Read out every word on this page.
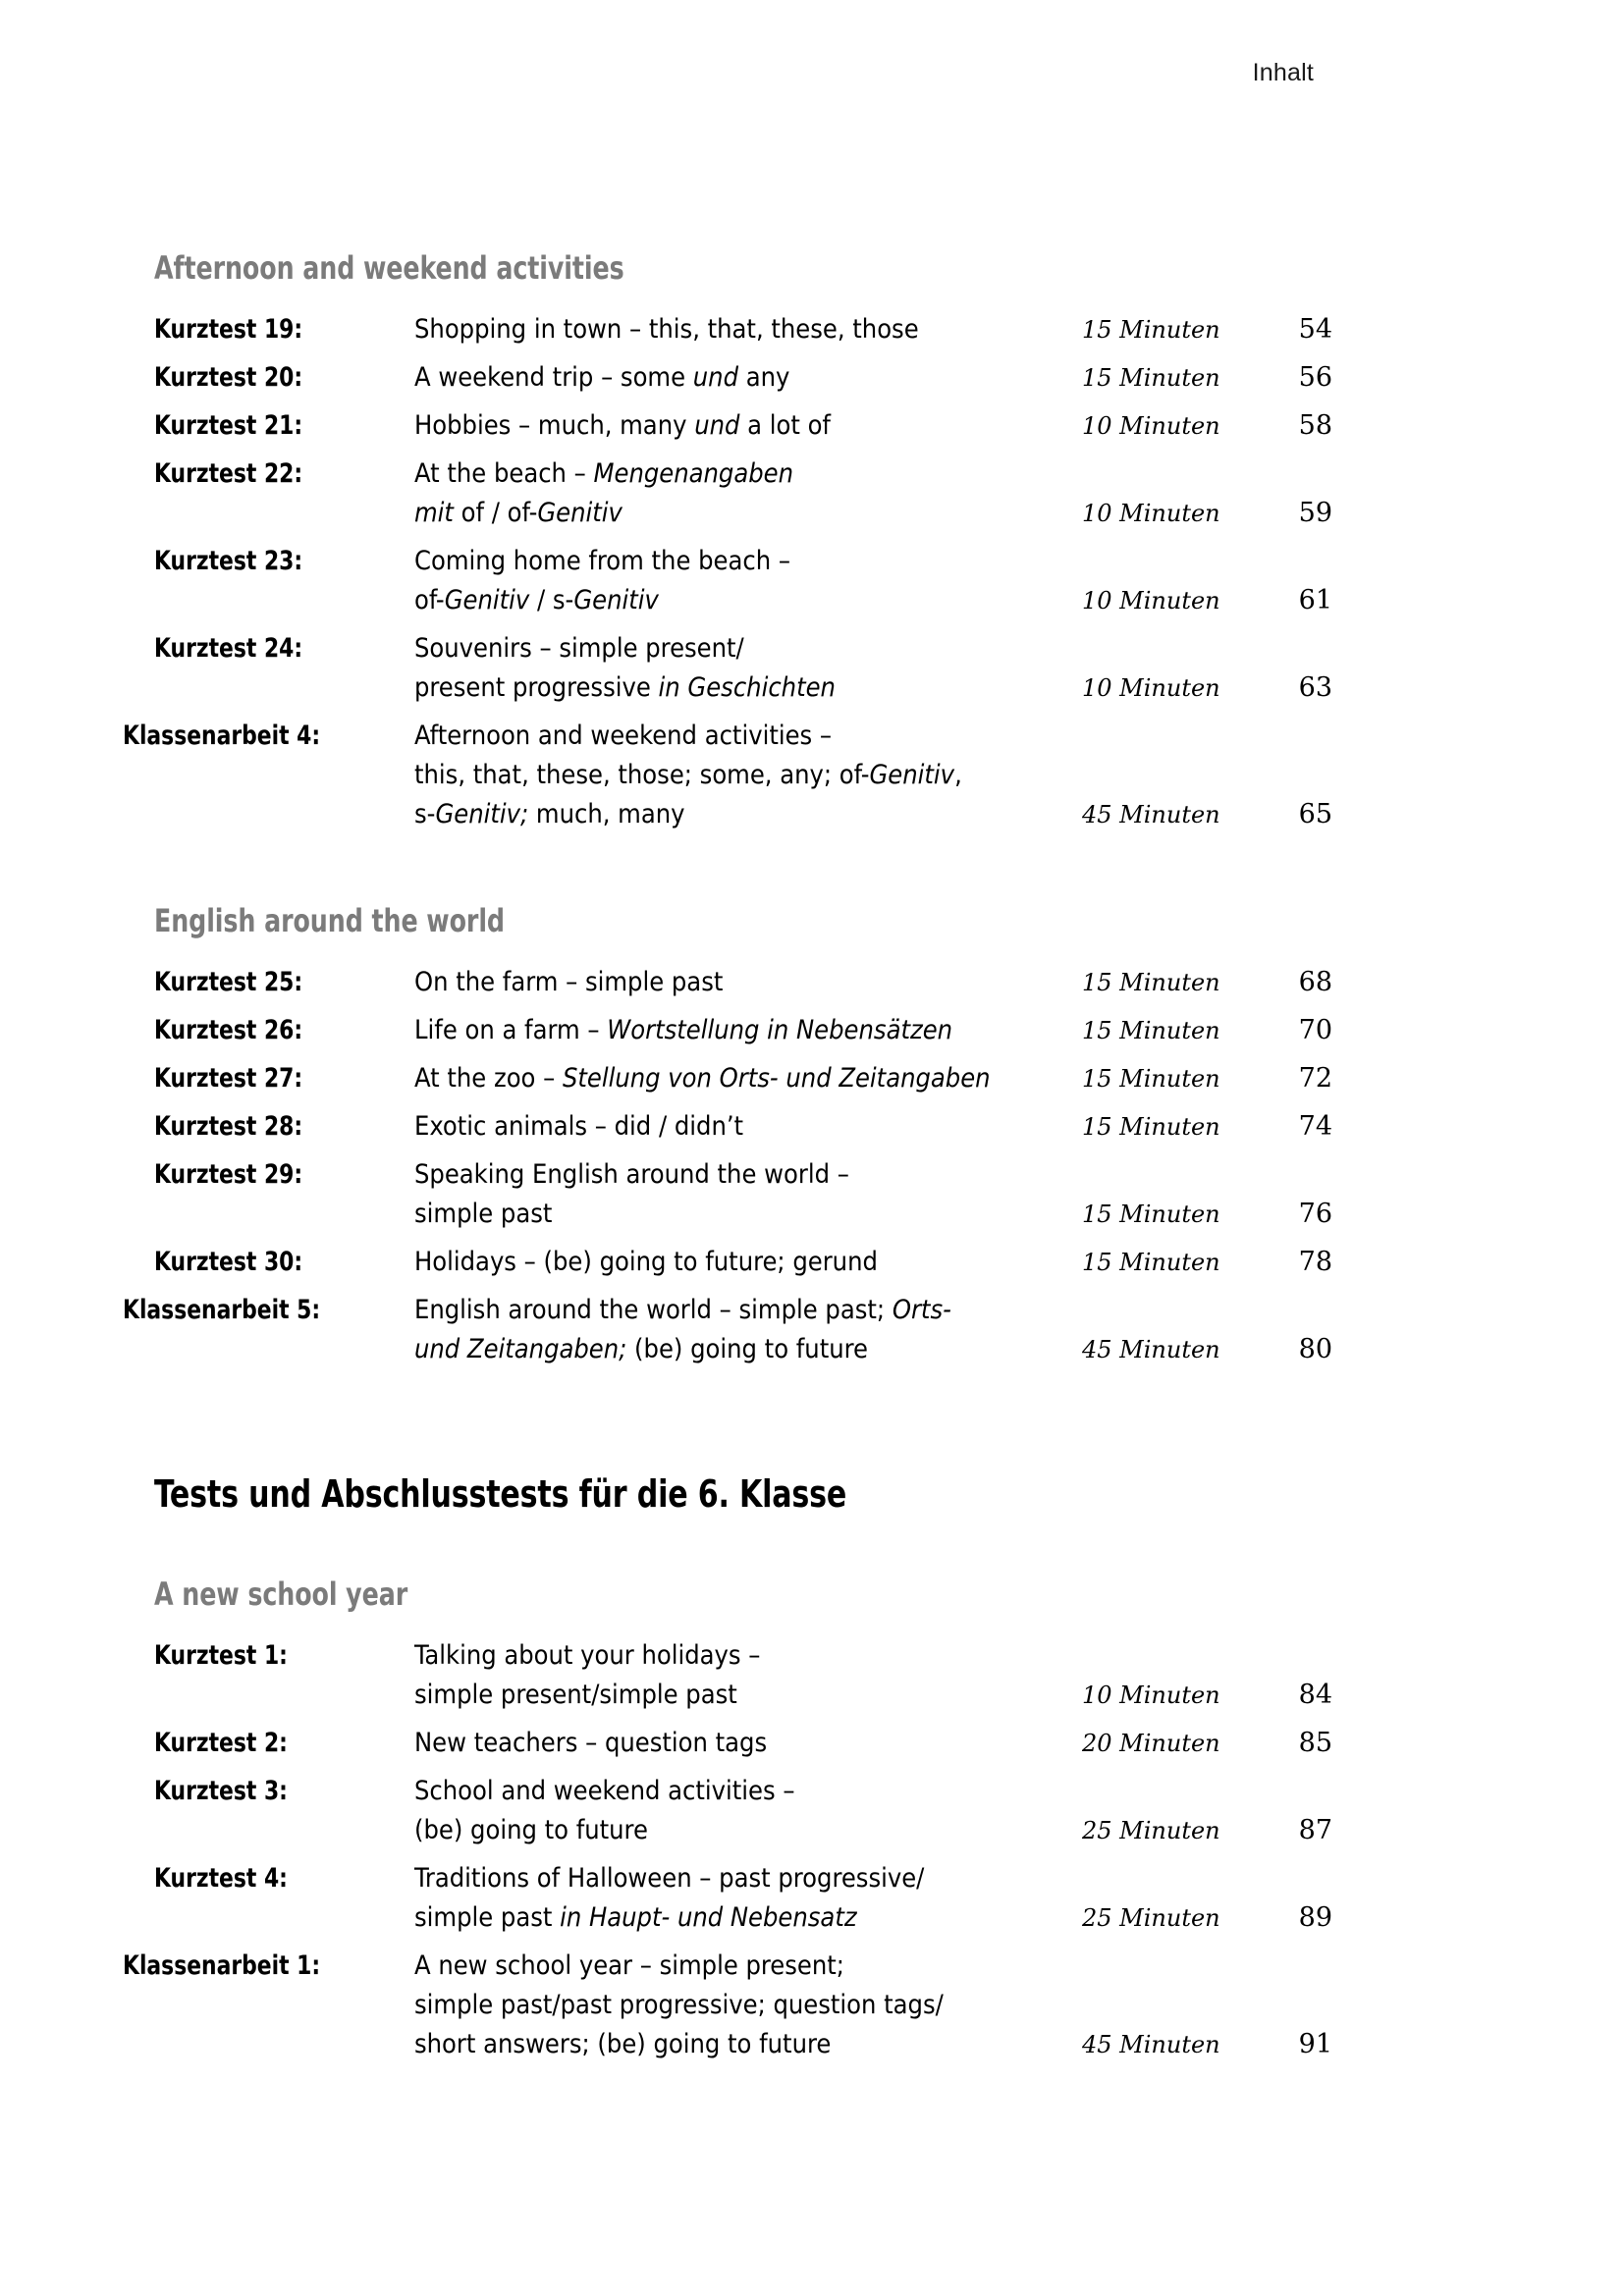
Inhalt
Afternoon and weekend activities
Kurztest 19:	Shopping in town – this, that, these, those	15 Minuten	54
Kurztest 20:	A weekend trip – some und any	15 Minuten	56
Kurztest 21:	Hobbies – much, many und a lot of	10 Minuten	58
Kurztest 22:	At the beach – Mengenangaben
mit of / of-Genitiv	10 Minuten	59
Kurztest 23:	Coming home from the beach –
of-Genitiv / s-Genitiv	10 Minuten	61
Kurztest 24:	Souvenirs – simple present/
present progressive in Geschichten	10 Minuten	63
Klassenarbeit 4:	Afternoon and weekend activities –
this, that, these, those; some, any; of-Genitiv,
s-Genitiv; much, many	45 Minuten	65
English around the world
Kurztest 25:	On the farm – simple past	15 Minuten	68
Kurztest 26:	Life on a farm – Wortstellung in Nebensätzen	15 Minuten	70
Kurztest 27:	At the zoo – Stellung von Orts- und Zeitangaben	15 Minuten	72
Kurztest 28:	Exotic animals – did / didn’t	15 Minuten	74
Kurztest 29:	Speaking English around the world –
simple past	15 Minuten	76
Kurztest 30:	Holidays – (be) going to future; gerund	15 Minuten	78
Klassenarbeit 5:	English around the world – simple past; Orts-
und Zeitangaben; (be) going to future	45 Minuten	80
Tests und Abschlusstests für die 6. Klasse
A new school year
Kurztest 1:	Talking about your holidays –
simple present/simple past	10 Minuten	84
Kurztest 2:	New teachers – question tags	20 Minuten	85
Kurztest 3:	School and weekend activities –
(be) going to future	25 Minuten	87
Kurztest 4:	Traditions of Halloween – past progressive/
simple past in Haupt- und Nebensatz	25 Minuten	89
Klassenarbeit 1:	A new school year – simple present;
simple past/past progressive; question tags/
short answers; (be) going to future	45 Minuten	91
